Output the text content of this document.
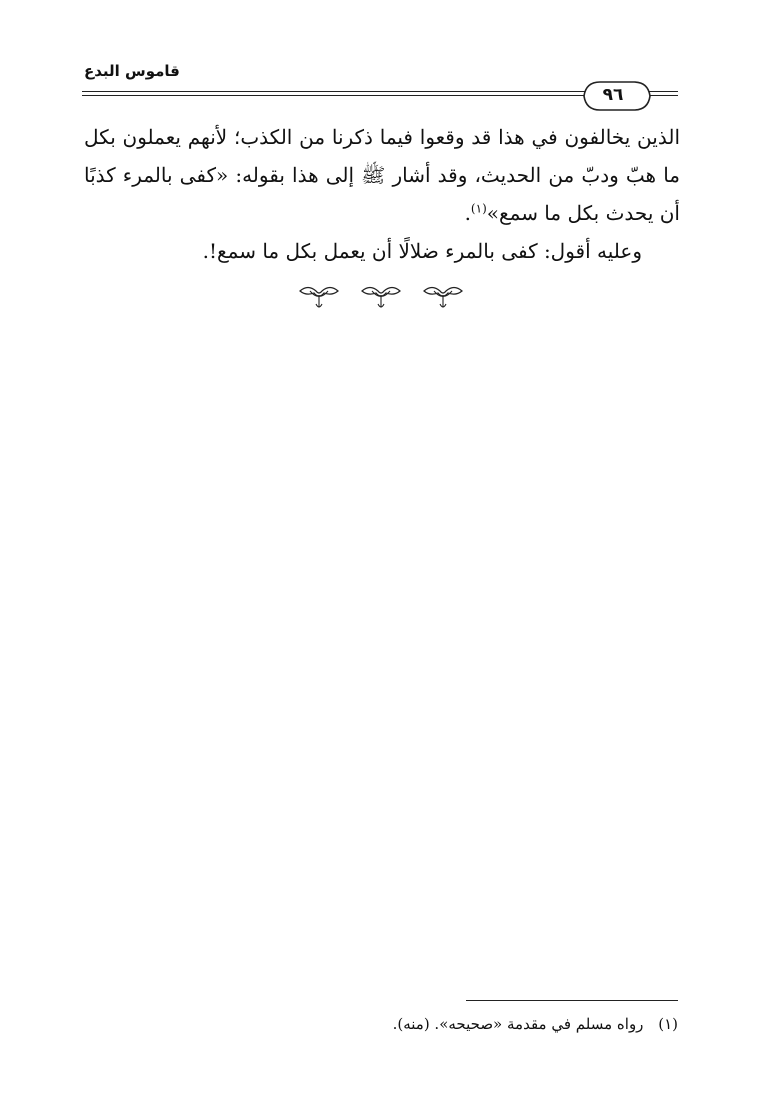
قاموس البدع
٩٦

الذين يخالفون في هذا قد وقعوا فيما ذكرنا من الكذب؛ لأنهم يعملون بكل ما هبّ ودبّ من الحديث، وقد أشار ﷺ إلى هذا بقوله: «كفى بالمرء كذبًا أن يحدث بكل ما سمع»$^{(١)}$.

وعليه أقول: كفى بالمرء ضلالًا أن يعمل بكل ما سمع!.

(١) رواه مسلم في مقدمة «صحيحه». (منه).
